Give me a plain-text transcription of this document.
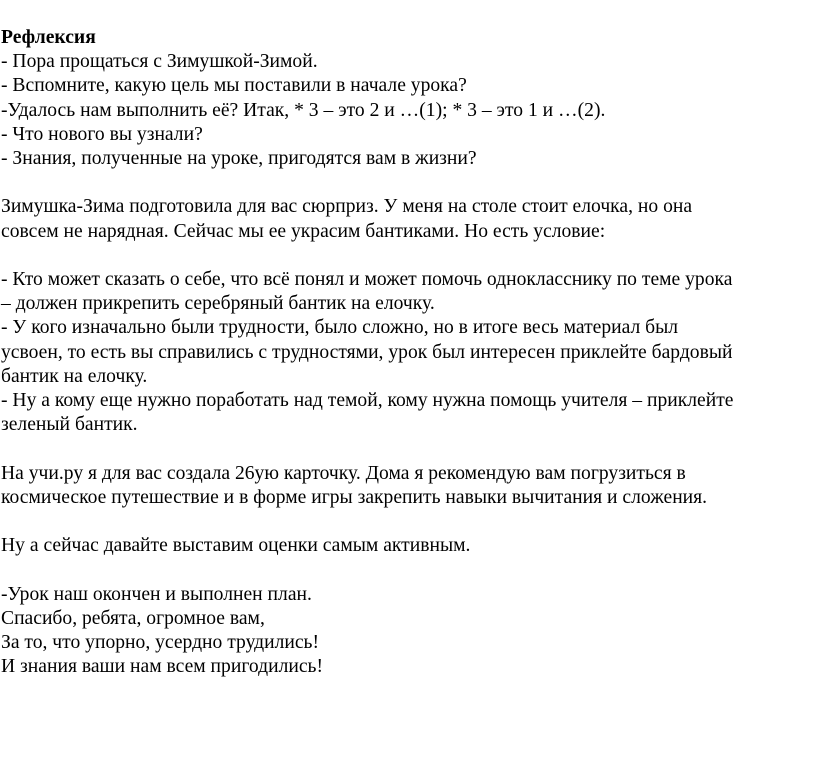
Рефлексия
- Пора прощаться с Зимушкой-Зимой.
- Вспомните, какую цель мы поставили в начале урока?
-Удалось нам выполнить её? Итак, * 3 – это 2 и …(1); * 3 – это 1 и …(2).
- Что нового вы узнали?
- Знания, полученные на уроке, пригодятся вам в жизни?
Зимушка-Зима подготовила для вас сюрприз. У меня на столе стоит елочка, но она
совсем не нарядная. Сейчас мы ее украсим бантиками. Но есть условие:
- Кто может сказать о себе, что всё понял и может помочь однокласснику по теме урока
– должен прикрепить серебряный бантик на елочку.
- У кого изначально были трудности, было сложно, но в итоге весь материал был
усвоен, то есть вы справились с трудностями, урок был интересен приклейте бардовый
бантик на елочку.
- Ну а кому еще нужно поработать над темой, кому нужна помощь учителя – приклейте
зеленый бантик.
На учи.ру я для вас создала 26ую карточку. Дома я рекомендую вам погрузиться в
космическое путешествие и в форме игры закрепить навыки вычитания и сложения.
Ну а сейчас давайте выставим оценки самым активным.
-Урок наш окончен и выполнен план.
Спасибо, ребята, огромное вам,
За то, что упорно, усердно трудились!
И знания ваши нам всем пригодились!
